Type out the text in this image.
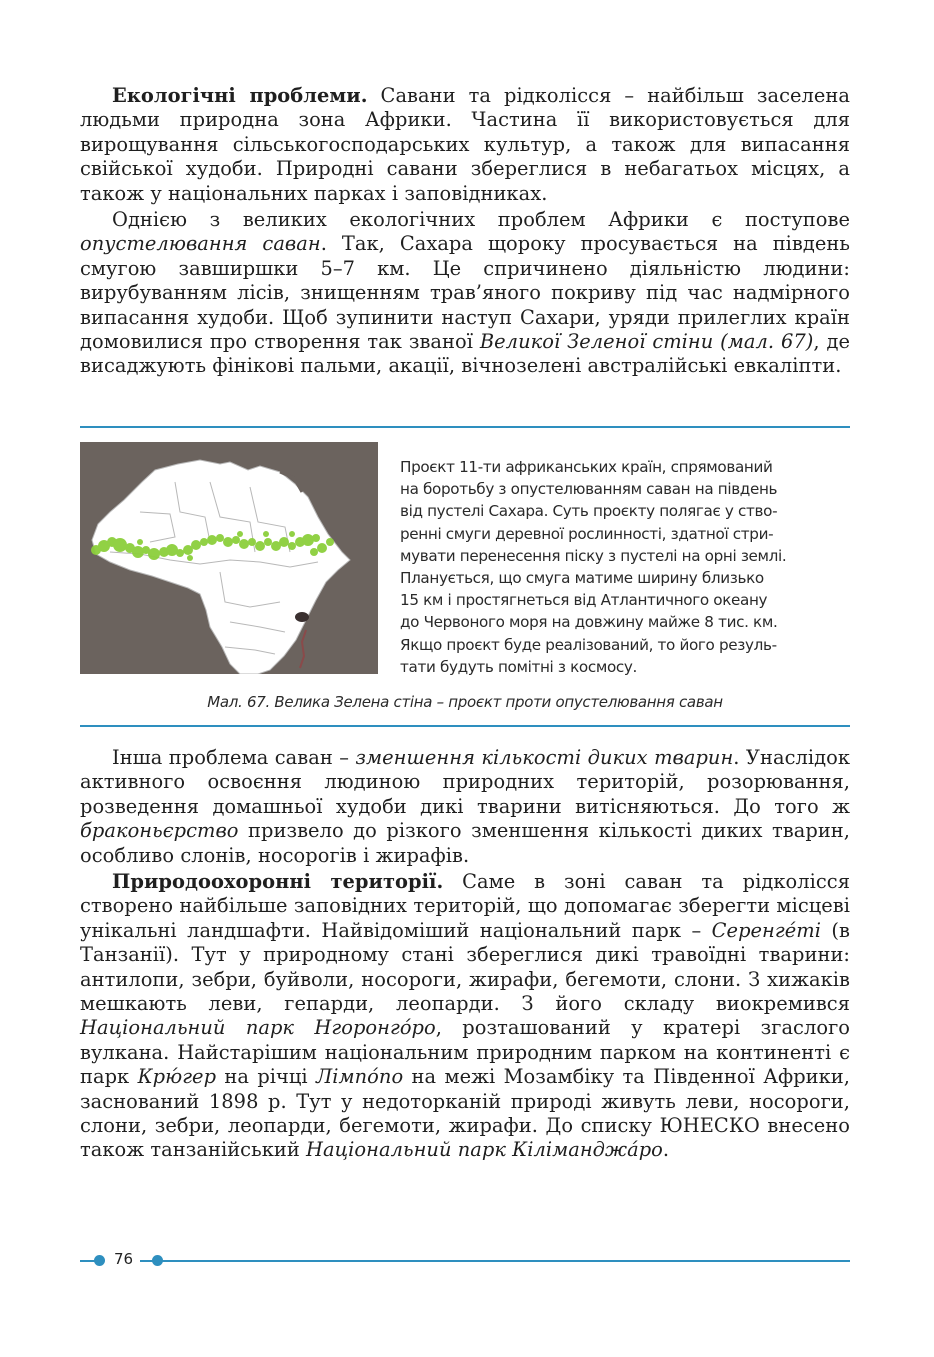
Екологічні проблеми. Савани та рідколісся – найбільш заселена людьми природна зона Африки. Частина її використовується для вирощування сільськогосподарських культур, а також для випасання свійської худоби. Природні савани збереглися в небагатьох місцях, а також у національних парках і заповідниках.

Однією з великих екологічних проблем Африки є поступове опустелювання саван. Так, Сахара щороку просувається на південь смугою завширшки 5–7 км. Це спричинено діяльністю людини: вирубуванням лісів, знищенням трав’яного покриву під час надмірного випасання худоби. Щоб зупинити наступ Сахари, уряди прилеглих країн домовилися про створення так званої Великої Зеленої стіни (мал. 67), де висаджують фінікові пальми, акації, вічнозелені австралійські евкаліпти.

Проєкт 11-ти африканських країн, спрямований
на боротьбу з опустелюванням саван на південь
від пустелі Сахара. Суть проєкту полягає у ство-
ренні смуги деревної рослинності, здатної стри-
мувати перенесення піску з пустелі на орні землі.
Планується, що смуга матиме ширину близько
15 км і простягнеться від Атлантичного океану
до Червоного моря на довжину майже 8 тис. км.
Якщо проєкт буде реалізований, то його резуль-
тати будуть помітні з космосу.

Мал. 67. Велика Зелена стіна – проєкт проти опустелювання саван

Інша проблема саван – зменшення кількості диких тварин. Унаслідок активного освоєння людиною природних територій, розорювання, розведення домашньої худоби дикі тварини витісняються. До того ж браконьєрство призвело до різкого зменшення кількості диких тварин, особливо слонів, носорогів і жирафів.

Природоохоронні території. Саме в зоні саван та рідколісся створено найбільше заповідних територій, що допомагає зберегти місцеві унікальні ландшафти. Найвідоміший національний парк – Серенге́ті (в Танзанії). Тут у природному стані збереглися дикі травоїдні тварини: антилопи, зебри, буйволи, носороги, жирафи, бегемоти, слони. З хижаків мешкають леви, гепарди, леопарди. З його складу виокремився Національний парк Нгоронго́ро, розташований у кратері згаслого вулкана. Найстарішим національним природним парком на континенті є парк Крю́гер на річці Лімпо́по на межі Мозамбіку та Південної Африки, заснований 1898 р. Тут у недоторканій природі живуть леви, носороги, слони, зебри, леопарди, бегемоти, жирафи. До списку ЮНЕСКО внесено також танзанійський Національний парк Кіліманджа́ро.

76
